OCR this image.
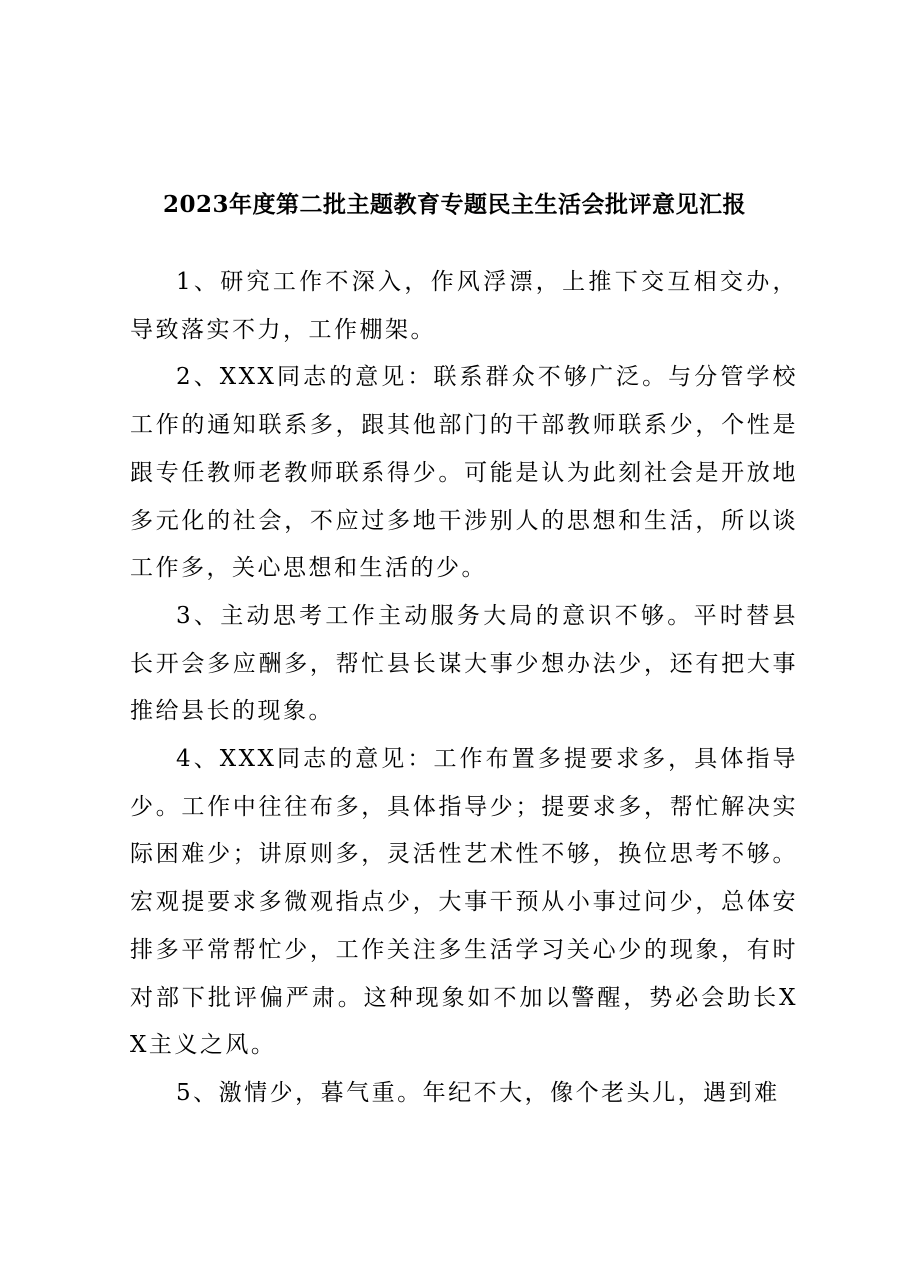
2023年度第二批主题教育专题民主生活会批评意见汇报

1、研究工作不深入，作风浮漂，上推下交互相交办，导致落实不力，工作棚架。

2、XXX同志的意见：联系群众不够广泛。与分管学校工作的通知联系多，跟其他部门的干部教师联系少，个性是跟专任教师老教师联系得少。可能是认为此刻社会是开放地多元化的社会，不应过多地干涉别人的思想和生活，所以谈工作多，关心思想和生活的少。

3、主动思考工作主动服务大局的意识不够。平时替县长开会多应酬多，帮忙县长谋大事少想办法少，还有把大事推给县长的现象。

4、XXX同志的意见：工作布置多提要求多，具体指导少。工作中往往布多，具体指导少；提要求多，帮忙解决实际困难少；讲原则多，灵活性艺术性不够，换位思考不够。宏观提要求多微观指点少，大事干预从小事过问少，总体安排多平常帮忙少，工作关注多生活学习关心少的现象，有时对部下批评偏严肃。这种现象如不加以警醒，势必会助长XX主义之风。

5、激情少，暮气重。年纪不大，像个老头儿，遇到难
